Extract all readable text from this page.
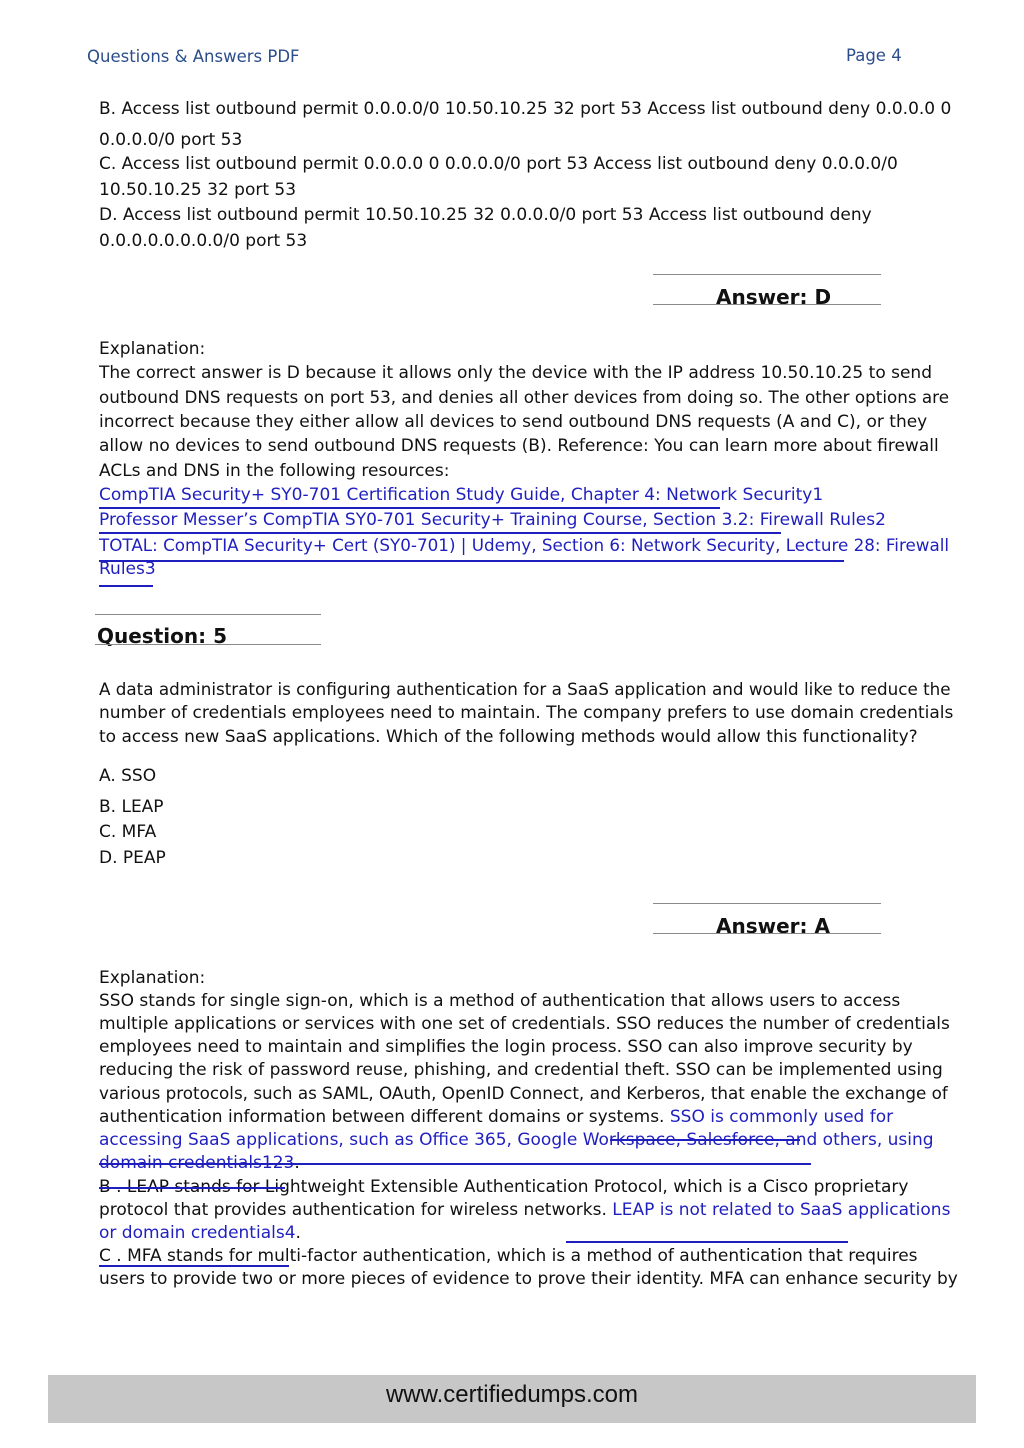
Questions & Answers PDF	Page 4
B. Access list outbound permit 0.0.0.0/0 10.50.10.25 32 port 53 Access list outbound deny 0.0.0.0 0
0.0.0.0/0 port 53
C. Access list outbound permit 0.0.0.0 0 0.0.0.0/0 port 53 Access list outbound deny 0.0.0.0/0
10.50.10.25 32 port 53
D. Access list outbound permit 10.50.10.25 32 0.0.0.0/0 port 53 Access list outbound deny
0.0.0.0.0.0.0.0/0 port 53
Answer: D
Explanation:
The correct answer is D because it allows only the device with the IP address 10.50.10.25 to send
outbound DNS requests on port 53, and denies all other devices from doing so. The other options are
incorrect because they either allow all devices to send outbound DNS requests (A and C), or they
allow no devices to send outbound DNS requests (B). Reference: You can learn more about firewall
ACLs and DNS in the following resources:
CompTIA Security+ SY0-701 Certification Study Guide, Chapter 4: Network Security1
Professor Messer’s CompTIA SY0-701 Security+ Training Course, Section 3.2: Firewall Rules2
TOTAL: CompTIA Security+ Cert (SY0-701) | Udemy, Section 6: Network Security, Lecture 28: Firewall
Rules3
Question: 5
A data administrator is configuring authentication for a SaaS application and would like to reduce the
number of credentials employees need to maintain. The company prefers to use domain credentials
to access new SaaS applications. Which of the following methods would allow this functionality?
A. SSO
B. LEAP
C. MFA
D. PEAP
Answer: A
Explanation:
SSO stands for single sign-on, which is a method of authentication that allows users to access
multiple applications or services with one set of credentials. SSO reduces the number of credentials
employees need to maintain and simplifies the login process. SSO can also improve security by
reducing the risk of password reuse, phishing, and credential theft. SSO can be implemented using
various protocols, such as SAML, OAuth, OpenID Connect, and Kerberos, that enable the exchange of
authentication information between different domains or systems. SSO is commonly used for
accessing SaaS applications, such as Office 365, Google Workspace, Salesforce, and others, using
domain credentials123.
B . LEAP stands for Lightweight Extensible Authentication Protocol, which is a Cisco proprietary
protocol that provides authentication for wireless networks. LEAP is not related to SaaS applications
or domain credentials4.
C . MFA stands for multi-factor authentication, which is a method of authentication that requires
users to provide two or more pieces of evidence to prove their identity. MFA can enhance security by
www.certifiedumps.com
